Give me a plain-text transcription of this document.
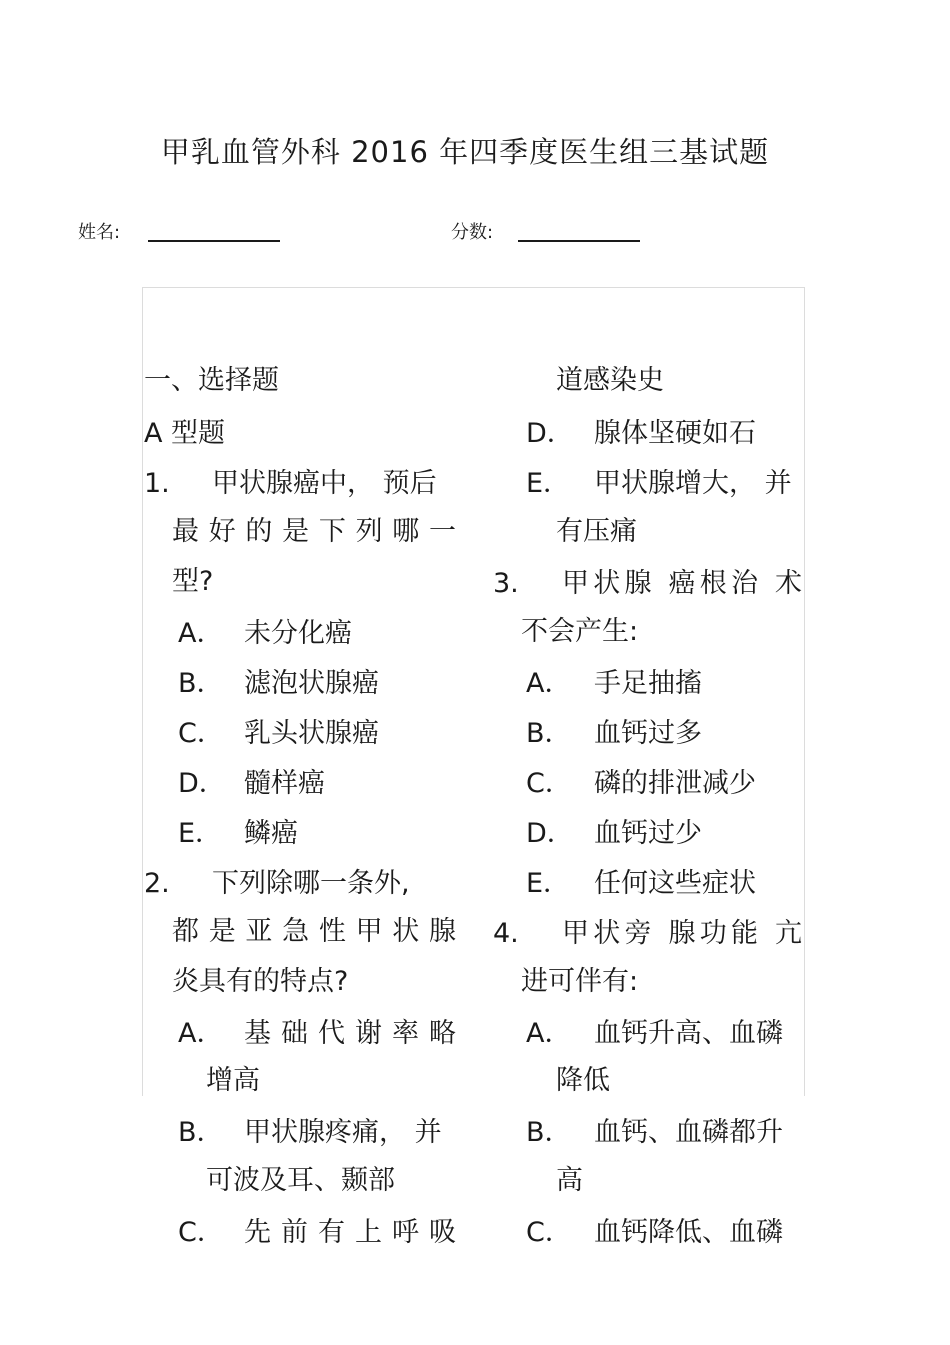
甲乳血管外科 2016 年四季度医生组三基试题
姓名:	分数:
一、选择题
A 型题
1. 甲状腺癌中， 预后
最好的是下列哪一
型?
A． 未分化癌
B． 滤泡状腺癌
C． 乳头状腺癌
D． 髓样癌
E． 鳞癌
2. 下列除哪一条外,
都是亚急性甲状腺
炎具有的特点?
A． 基础代谢率略
增高
B． 甲状腺疼痛， 并
可波及耳、颞部
C． 先前有上呼吸
道感染史
D． 腺体坚硬如石
E． 甲状腺增大， 并
有压痛
3. 甲状腺 癌根治 术
不会产生:
A． 手足抽搐
B． 血钙过多
C． 磷的排泄减少
D． 血钙过少
E． 任何这些症状
4. 甲状旁 腺功能 亢
进可伴有:
A． 血钙升高、血磷
降低
B． 血钙、血磷都升
高
C． 血钙降低、血磷
